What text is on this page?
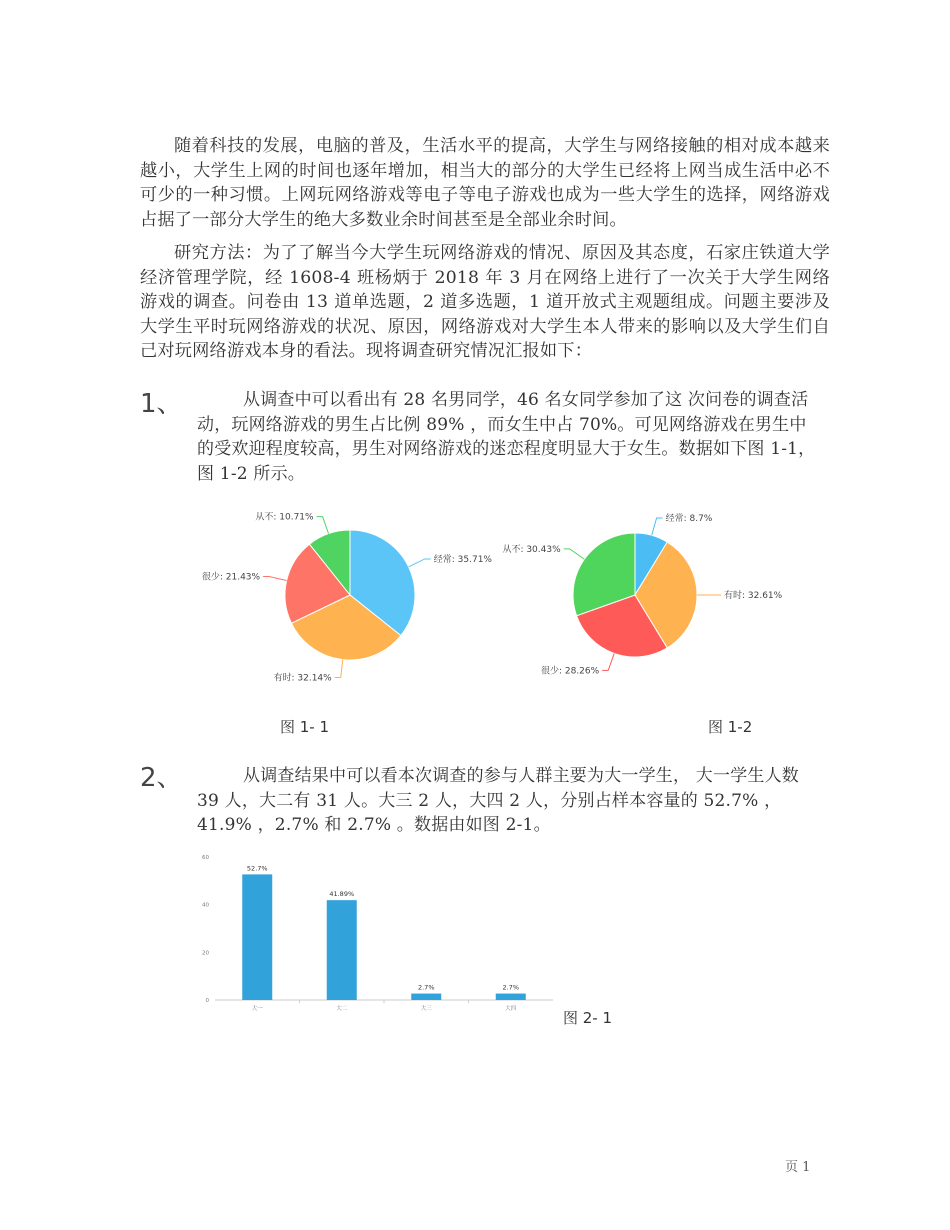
随着科技的发展，电脑的普及，生活水平的提高，大学生与网络接触的相对成本越来越小，大学生上网的时间也逐年增加，相当大的部分的大学生已经将上网当成生活中必不可少的一种习惯。上网玩网络游戏等电子等电子游戏也成为一些大学生的选择，网络游戏占据了一部分大学生的绝大多数业余时间甚至是全部业余时间。

研究方法：为了了解当今大学生玩网络游戏的情况、原因及其态度，石家庄铁道大学经济管理学院，经 1608-4 班杨炳于 2018 年 3 月在网络上进行了一次关于大学生网络游戏的调查。问卷由 13 道单选题，2 道多选题，1 道开放式主观题组成。问题主要涉及大学生平时玩网络游戏的状况、原因，网络游戏对大学生本人带来的影响以及大学生们自己对玩网络游戏本身的看法。现将调查研究情况汇报如下：

1、	从调查中可以看出有 28 名男同学，46 名女同学参加了这 次问卷的调查活动，玩网络游戏的男生占比例 89% ，而女生中占 70%。可见网络游戏在男生中的受欢迎程度较高，男生对网络游戏的迷恋程度明显大于女生。数据如下图 1-1，图 1-2 所示。

经常: 35.71%
有时: 32.14%
很少: 21.43%
从不: 10.71%	经常: 8.7%
有时: 32.61%
很少: 28.26%
从不: 30.43%
图 1- 1	图 1-2
2、	从调查结果中可以看本次调查的参与人群主要为大一学生， 大一学生人数 39 人，大二有 31 人。大三 2 人，大四 2 人，分别占样本容量的 52.7% ，41.9% ，2.7% 和 2.7% 。数据由如图 2-1。

0
20
40
60
52.7%
大一
41.89%
大二
2.7%
大三
2.7%
大四	图 2- 1
页 1
